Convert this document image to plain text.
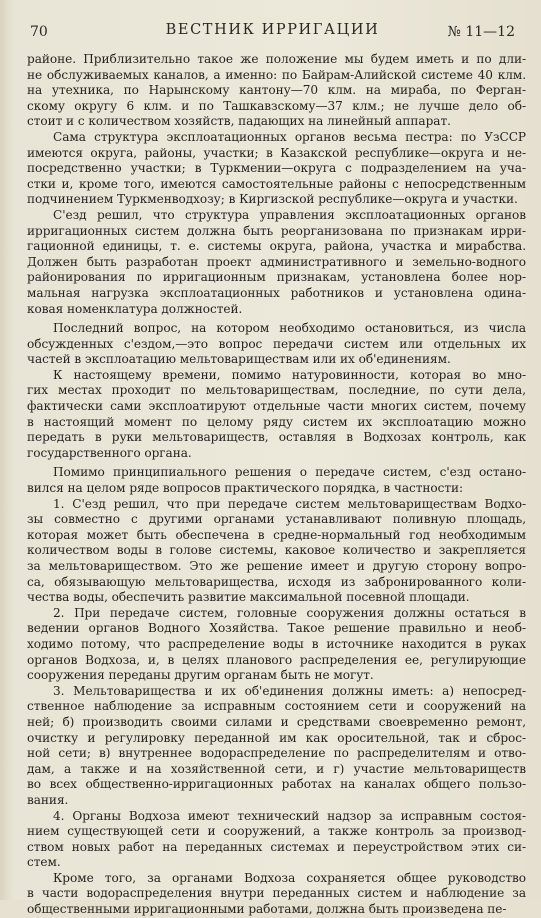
70	ВЕСТНИК ИРРИГАЦИИ	№ 11—12
районе. Приблизительно такое же положение мы будем иметь и по дли-
не обслуживаемых каналов, а именно: по Байрам-Алийской системе 40 клм.
на утехника, по Нарынскому кантону—70 клм. на мираба, по Ферган-
скому округу 6 клм. и по Ташкавзскому—37 клм.; не лучше дело об-
стоит и с количеством хозяйств, падающих на линейный аппарат.
Сама структура эксплоатационных органов весьма пестра: по УзССР
имеются округа, районы, участки; в Казакской республике—округа и не-
посредственно участки; в Туркмении—округа с подразделением на уча-
стки и, кроме того, имеются самостоятельные районы с непосредственным
подчинением Туркменводхозу; в Киргизской республике—округа и участки.
С'езд решил, что структура управления эксплоатационных органов
ирригационных систем должна быть реорганизована по признакам ирри-
гационной единицы, т. е. системы округа, района, участка и мирабства.
Должен быть разработан проект административного и земельно-водного
районирования по ирригационным признакам, установлена более нор-
мальная нагрузка эксплоатационных работников и установлена одина-
ковая номенклатура должностей.
Последний вопрос, на котором необходимо остановиться, из числа
обсужденных с'ездом,—это вопрос передачи систем или отдельных их
частей в эксплоатацию мельтовариществам или их об'единениям.
К настоящему времени, помимо натуровинности, которая во мно-
гих местах проходит по мельтовариществам, последние, по сути дела,
фактически сами эксплоатируют отдельные части многих систем, почему
в настоящий момент по целому ряду систем их эксплоатацию можно
передать в руки мельтовариществ, оставляя в Водхозах контроль, как
государственного органа.
Помимо принципиального решения о передаче систем, с'езд остано-
вился на целом ряде вопросов практического порядка, в частности:
1. С'езд решил, что при передаче систем мельтовариществам Водхо-
зы совместно с другими органами устанавливают поливную площадь,
которая может быть обеспечена в средне-нормальный год необходимым
количеством воды в голове системы, каковое количество и закрепляется
за мельтовариществом. Это же решение имеет и другую сторону вопро-
са, обязывающую мельтоварищества, исходя из забронированного коли-
чества воды, обеспечить развитие максимальной посевной площади.
2. При передаче систем, головные сооружения должны остаться в
ведении органов Водного Хозяйства. Такое решение правильно и необ-
ходимо потому, что распределение воды в источнике находится в руках
органов Водхоза, и, в целях планового распределения ее, регулирующие
сооружения переданы другим органам быть не могут.
3. Мельтоварищества и их об'единения должны иметь: а) непосред-
ственное наблюдение за исправным состоянием сети и сооружений на
ней; б) производить своими силами и средствами своевременно ремонт,
очистку и регулировку переданной им как оросительной, так и сброс-
ной сети; в) внутреннее водораспределение по распределителям и отво-
дам, а также и на хозяйственной сети, и г) участие мельтовариществ
во всех общественно-ирригационных работах на каналах общего пользо-
вания.
4. Органы Водхоза имеют технический надзор за исправным состоя-
нием существующей сети и сооружений, а также контроль за производ-
ством новых работ на переданных системах и переустройством этих си-
стем.
Кроме того, за органами Водхоза сохраняется общее руководство
в части водораспределения внутри переданных систем и наблюдение за
общественными ирригационными работами, должна быть произведена пе-
